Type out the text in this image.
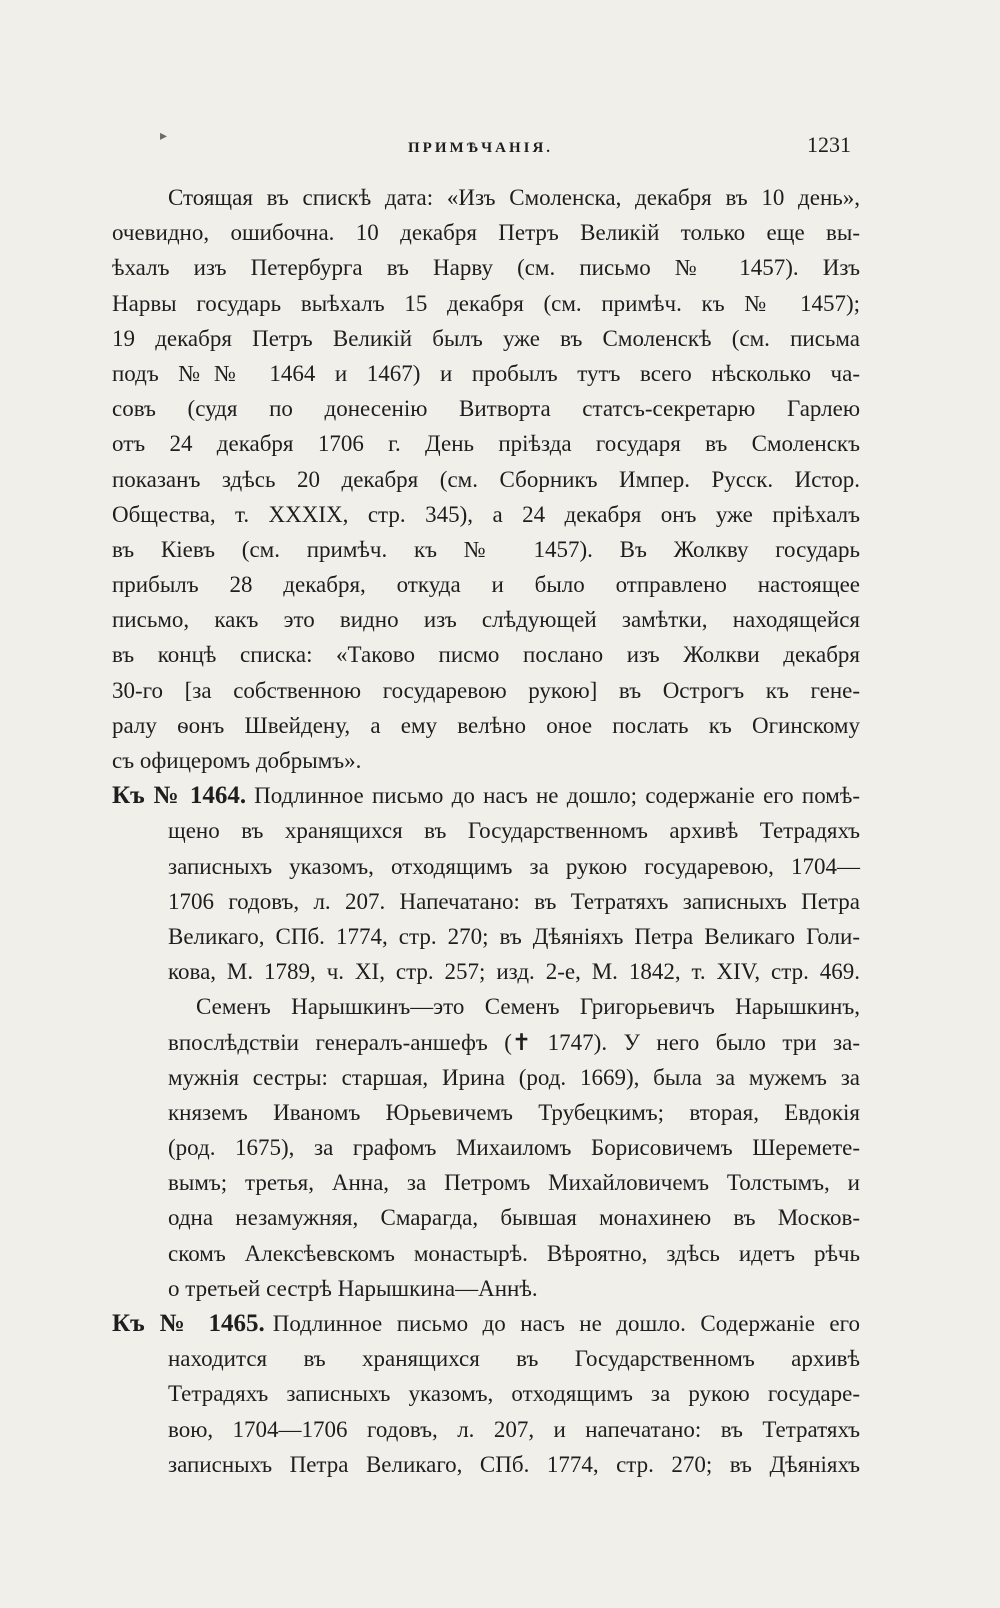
▸
ПРИМѢЧАНІЯ.	1231
Стоящая въ спискѣ дата: «Изъ Смоленска, декабря въ 10 день»,
очевидно, ошибочна. 10 декабря Петръ Великій только еще вы-
ѣхалъ изъ Петербурга въ Нарву (см. письмо № 1457). Изъ
Нарвы государь выѣхалъ 15 декабря (см. примѣч. къ № 1457);
19 декабря Петръ Великій былъ уже въ Смоленскѣ (см. письма
подъ №№ 1464 и 1467) и пробылъ тутъ всего нѣсколько ча-
совъ (судя по донесенію Витворта статсъ-секретарю Гарлею
отъ 24 декабря 1706 г. День пріѣзда государя въ Смоленскъ
показанъ здѣсь 20 декабря (см. Сборникъ Импер. Русск. Истор.
Общества, т. XXXIX, стр. 345), а 24 декабря онъ уже пріѣхалъ
въ Кіевъ (см. примѣч. къ № 1457). Въ Жолкву государь
прибылъ 28 декабря, откуда и было отправлено настоящее
письмо, какъ это видно изъ слѣдующей замѣтки, находящейся
въ концѣ списка: «Таково писмо послано изъ Жолкви декабря
30-го [за собственною государевою рукою] въ Острогъ къ гене-
ралу ѳонъ Швейдену, а ему велѣно оное послать къ Огинскому
съ офицеромъ добрымъ».
Къ № 1464. Подлинное письмо до насъ не дошло; содержаніе его помѣ-
щено въ хранящихся въ Государственномъ архивѣ Тетрадяхъ
записныхъ указомъ, отходящимъ за рукою государевою, 1704—
1706 годовъ, л. 207. Напечатано: въ Тетратяхъ записныхъ Петра
Великаго, СПб. 1774, стр. 270; въ Дѣяніяхъ Петра Великаго Голи-
кова, М. 1789, ч. XI, стр. 257; изд. 2-е, М. 1842, т. XIV, стр. 469.
Семенъ Нарышкинъ—это Семенъ Григорьевичъ Нарышкинъ,
впослѣдствіи генералъ-аншефъ (✝ 1747). У него было три за-
мужнія сестры: старшая, Ирина (род. 1669), была за мужемъ за
княземъ Иваномъ Юрьевичемъ Трубецкимъ; вторая, Евдокія
(род. 1675), за графомъ Михаиломъ Борисовичемъ Шереметe-
вымъ; третья, Анна, за Петромъ Михайловичемъ Толстымъ, и
одна незамужняя, Смарагда, бывшая монахинею въ Москов-
скомъ Алексѣевскомъ монастырѣ. Вѣроятно, здѣсь идетъ рѣчь
о третьей сестрѣ Нарышкина—Аннѣ.
Къ № 1465. Подлинное письмо до насъ не дошло. Содержаніе его
находится въ хранящихся въ Государственномъ архивѣ
Тетрадяхъ записныхъ указомъ, отходящимъ за рукою государе-
вою, 1704—1706 годовъ, л. 207, и напечатано: въ Тетратяхъ
записныхъ Петра Великаго, СПб. 1774, стр. 270; въ Дѣяніяхъ
